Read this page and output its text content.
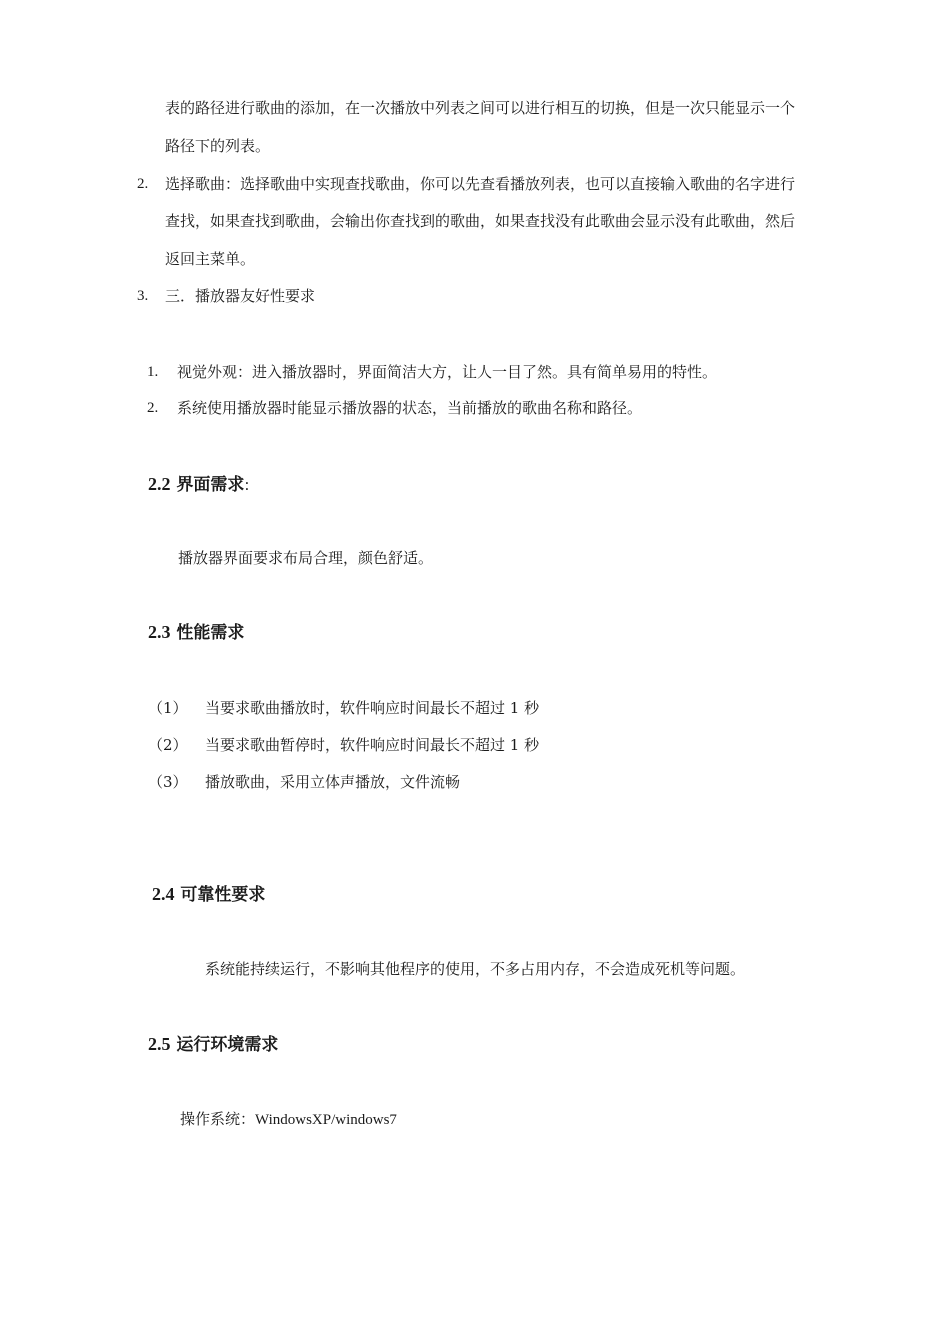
表的路径进行歌曲的添加，在一次播放中列表之间可以进行相互的切换，但是一次只能显示一个
路径下的列表。
2. 选择歌曲：选择歌曲中实现查找歌曲，你可以先查看播放列表，也可以直接输入歌曲的名字进行
查找，如果查找到歌曲，会输出你查找到的歌曲，如果查找没有此歌曲会显示没有此歌曲，然后
返回主菜单。
3. 三．播放器友好性要求
1. 视觉外观：进入播放器时，界面简洁大方，让人一目了然。具有简单易用的特性。
2. 系统使用播放器时能显示播放器的状态，当前播放的歌曲名称和路径。
2.2 界面需求:
播放器界面要求布局合理，颜色舒适。
2.3 性能需求
（1） 当要求歌曲播放时，软件响应时间最长不超过 1 秒
（2） 当要求歌曲暂停时，软件响应时间最长不超过 1 秒
（3） 播放歌曲，采用立体声播放，文件流畅
2.4 可靠性要求
系统能持续运行，不影响其他程序的使用，不多占用内存，不会造成死机等问题。
2.5 运行环境需求
操作系统：WindowsXP/windows7
